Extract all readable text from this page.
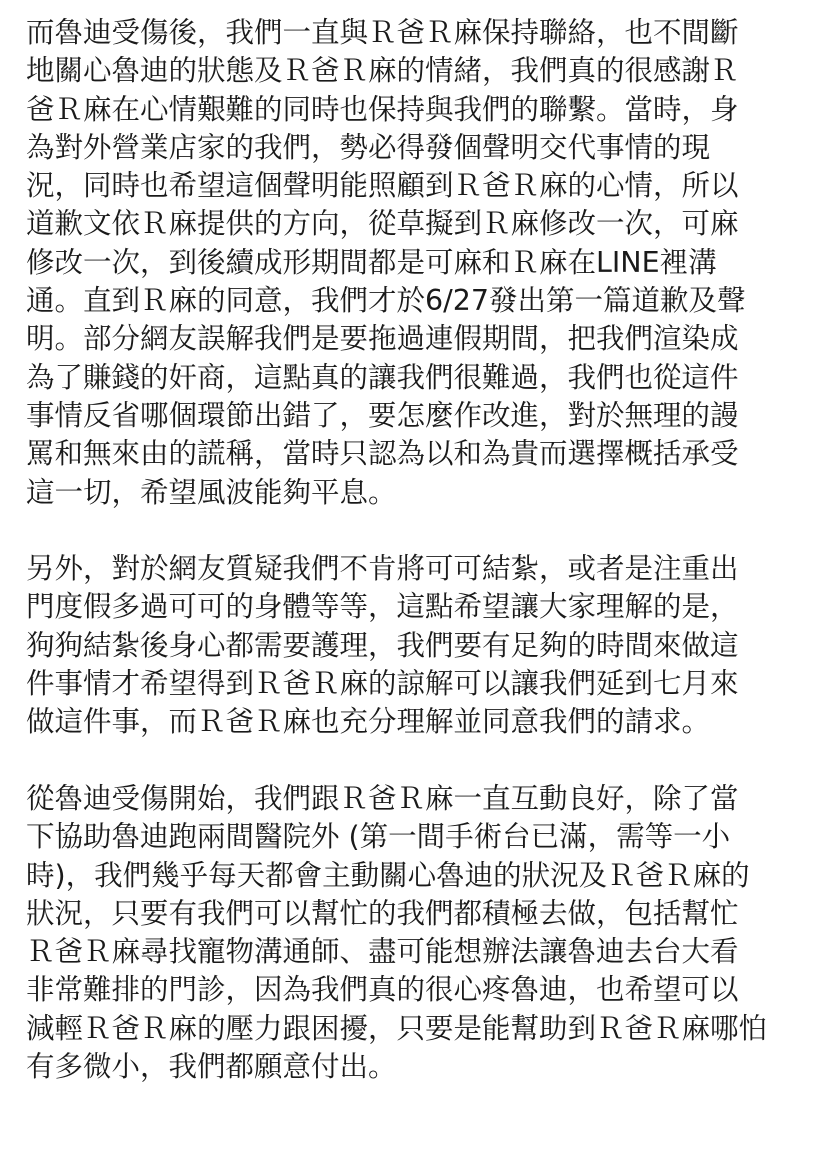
而魯迪受傷後，我們一直與Ｒ爸Ｒ麻保持聯絡，也不間斷
地關心魯迪的狀態及Ｒ爸Ｒ麻的情緒，我們真的很感謝Ｒ
爸Ｒ麻在心情艱難的同時也保持與我們的聯繫。當時，身
為對外營業店家的我們，勢必得發個聲明交代事情的現
況，同時也希望這個聲明能照顧到Ｒ爸Ｒ麻的心情，所以
道歉文依Ｒ麻提供的方向，從草擬到Ｒ麻修改一次，可麻
修改一次，到後續成形期間都是可麻和Ｒ麻在LINE裡溝
通。直到Ｒ麻的同意，我們才於6/27發出第一篇道歉及聲
明。部分網友誤解我們是要拖過連假期間，把我們渲染成
為了賺錢的奸商，這點真的讓我們很難過，我們也從這件
事情反省哪個環節出錯了，要怎麼作改進，對於無理的謾
罵和無來由的謊稱，當時只認為以和為貴而選擇概括承受
這一切，希望風波能夠平息。
另外，對於網友質疑我們不肯將可可結紮，或者是注重出
門度假多過可可的身體等等，這點希望讓大家理解的是，
狗狗結紮後身心都需要護理，我們要有足夠的時間來做這
件事情才希望得到Ｒ爸Ｒ麻的諒解可以讓我們延到七月來
做這件事，而Ｒ爸Ｒ麻也充分理解並同意我們的請求。
從魯迪受傷開始，我們跟Ｒ爸Ｒ麻一直互動良好，除了當
下協助魯迪跑兩間醫院外 (第一間手術台已滿，需等一小
時)，我們幾乎每天都會主動關心魯迪的狀況及Ｒ爸Ｒ麻的
狀況，只要有我們可以幫忙的我們都積極去做，包括幫忙
Ｒ爸Ｒ麻尋找寵物溝通師、盡可能想辦法讓魯迪去台大看
非常難排的門診，因為我們真的很心疼魯迪，也希望可以
減輕Ｒ爸Ｒ麻的壓力跟困擾，只要是能幫助到Ｒ爸Ｒ麻哪怕
有多微小，我們都願意付出。
